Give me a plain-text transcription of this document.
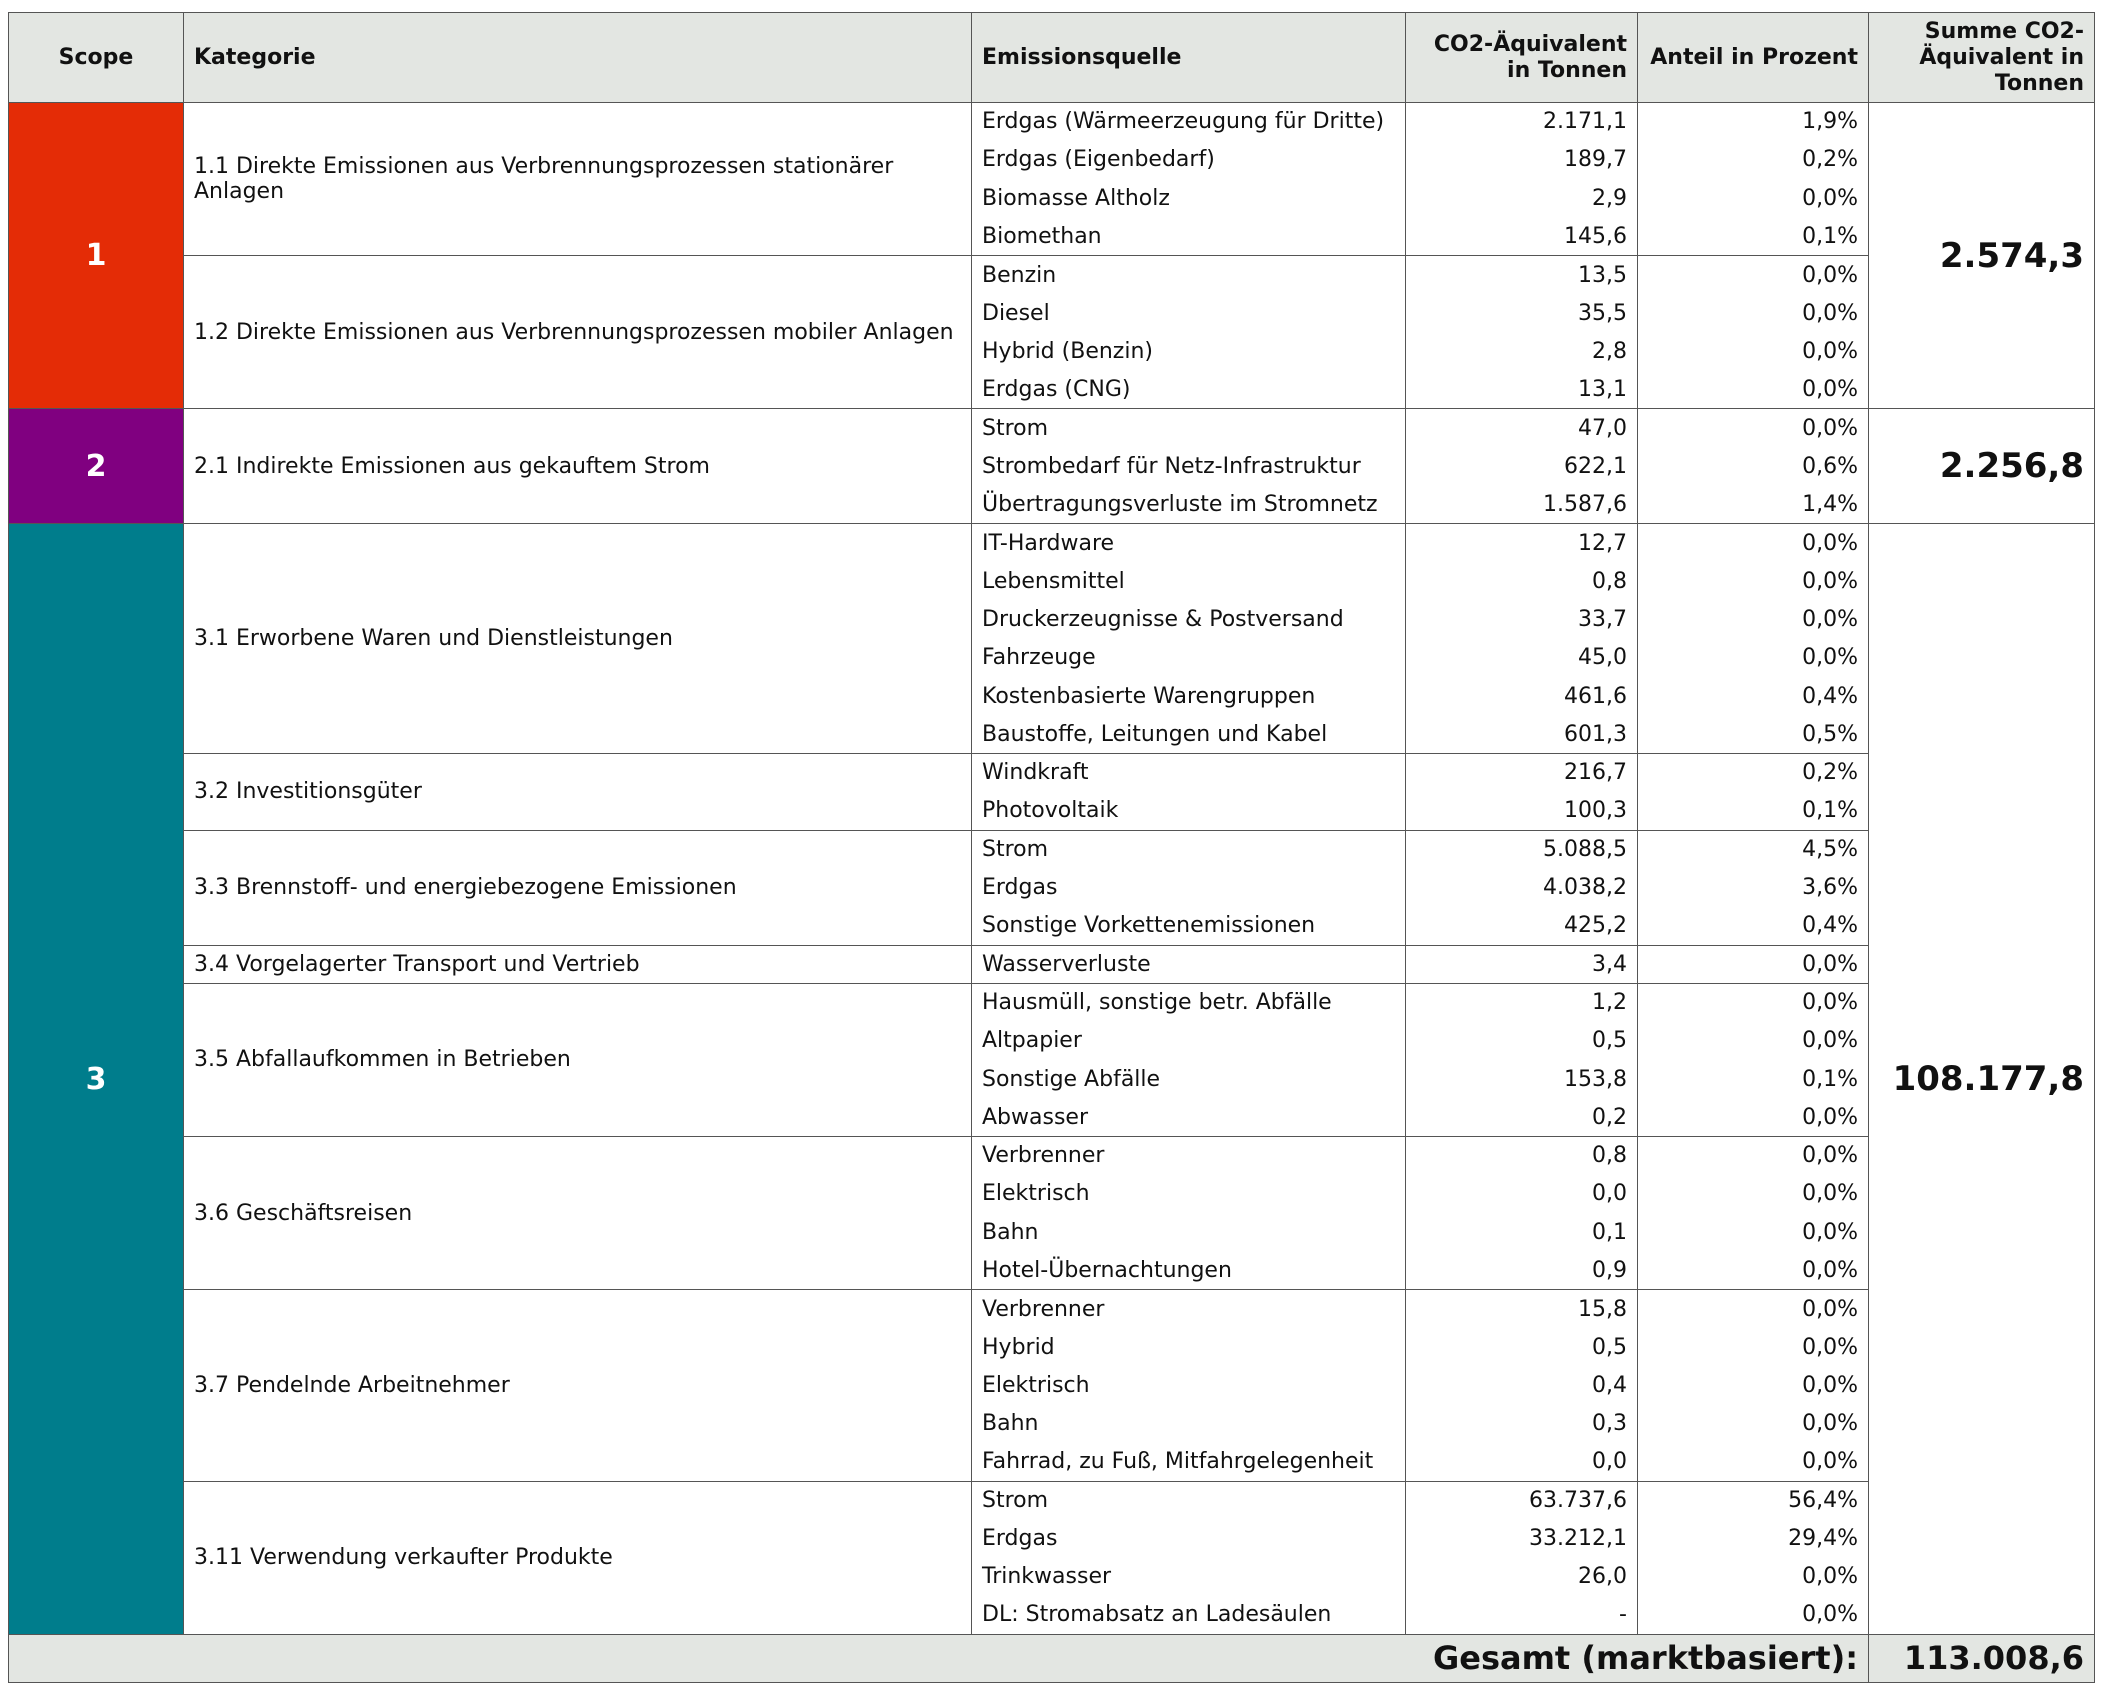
Scope	Kategorie	Emissionsquelle	CO2-Äquivalent in Tonnen	Anteil in Prozent	Summe CO2-Äquivalent in Tonnen
1	1.1 Direkte Emissionen aus Verbrennungsprozessen stationärer Anlagen	Erdgas (Wärmeerzeugung für Dritte)	2.171,1	1,9%	2.574,3
		Erdgas (Eigenbedarf)	189,7	0,2%	
		Biomasse Altholz	2,9	0,0%	
		Biomethan	145,6	0,1%	
	1.2 Direkte Emissionen aus Verbrennungsprozessen mobiler Anlagen	Benzin	13,5	0,0%	
		Diesel	35,5	0,0%	
		Hybrid (Benzin)	2,8	0,0%	
		Erdgas (CNG)	13,1	0,0%	
2	2.1 Indirekte Emissionen aus gekauftem Strom	Strom	47,0	0,0%	2.256,8
		Strombedarf für Netz-Infrastruktur	622,1	0,6%	
		Übertragungsverluste im Stromnetz	1.587,6	1,4%	
3	3.1 Erworbene Waren und Dienstleistungen	IT-Hardware	12,7	0,0%	108.177,8
		Lebensmittel	0,8	0,0%	
		Druckerzeugnisse & Postversand	33,7	0,0%	
		Fahrzeuge	45,0	0,0%	
		Kostenbasierte Warengruppen	461,6	0,4%	
		Baustoffe, Leitungen und Kabel	601,3	0,5%	
	3.2 Investitionsgüter	Windkraft	216,7	0,2%	
		Photovoltaik	100,3	0,1%	
	3.3 Brennstoff- und energiebezogene Emissionen	Strom	5.088,5	4,5%	
		Erdgas	4.038,2	3,6%	
		Sonstige Vorkettenemissionen	425,2	0,4%	
	3.4 Vorgelagerter Transport und Vertrieb	Wasserverluste	3,4	0,0%	
	3.5 Abfallaufkommen in Betrieben	Hausmüll, sonstige betr. Abfälle	1,2	0,0%	
		Altpapier	0,5	0,0%	
		Sonstige Abfälle	153,8	0,1%	
		Abwasser	0,2	0,0%	
	3.6 Geschäftsreisen	Verbrenner	0,8	0,0%	
		Elektrisch	0,0	0,0%	
		Bahn	0,1	0,0%	
		Hotel-Übernachtungen	0,9	0,0%	
	3.7 Pendelnde Arbeitnehmer	Verbrenner	15,8	0,0%	
		Hybrid	0,5	0,0%	
		Elektrisch	0,4	0,0%	
		Bahn	0,3	0,0%	
		Fahrrad, zu Fuß, Mitfahrgelegenheit	0,0	0,0%	
	3.11 Verwendung verkaufter Produkte	Strom	63.737,6	56,4%	
		Erdgas	33.212,1	29,4%	
		Trinkwasser	26,0	0,0%	
		DL: Stromabsatz an Ladesäulen	-	0,0%	
Gesamt (marktbasiert):					113.008,6
